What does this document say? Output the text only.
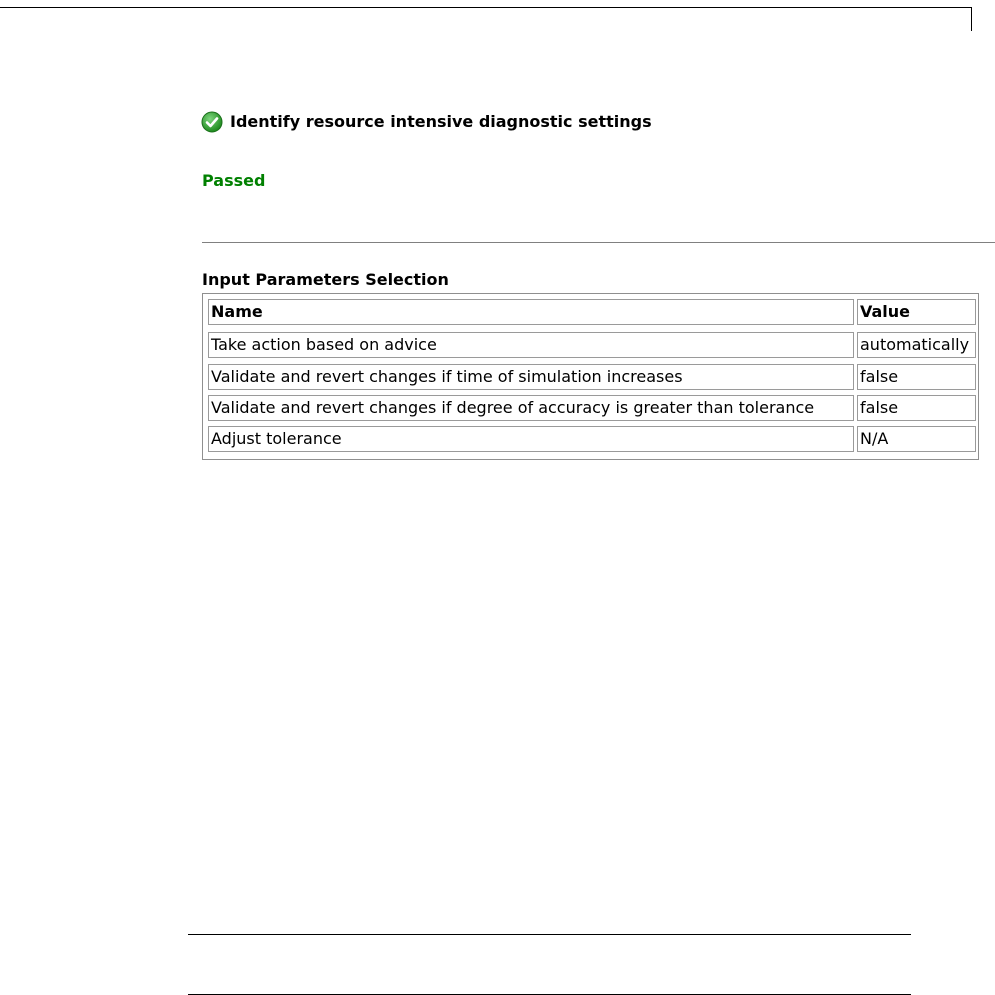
Identify resource intensive diagnostic settings
Passed
Input Parameters Selection
Name	Value
Take action based on advice	automatically
Validate and revert changes if time of simulation increases	false
Validate and revert changes if degree of accuracy is greater than tolerance	false
Adjust tolerance	N/A
